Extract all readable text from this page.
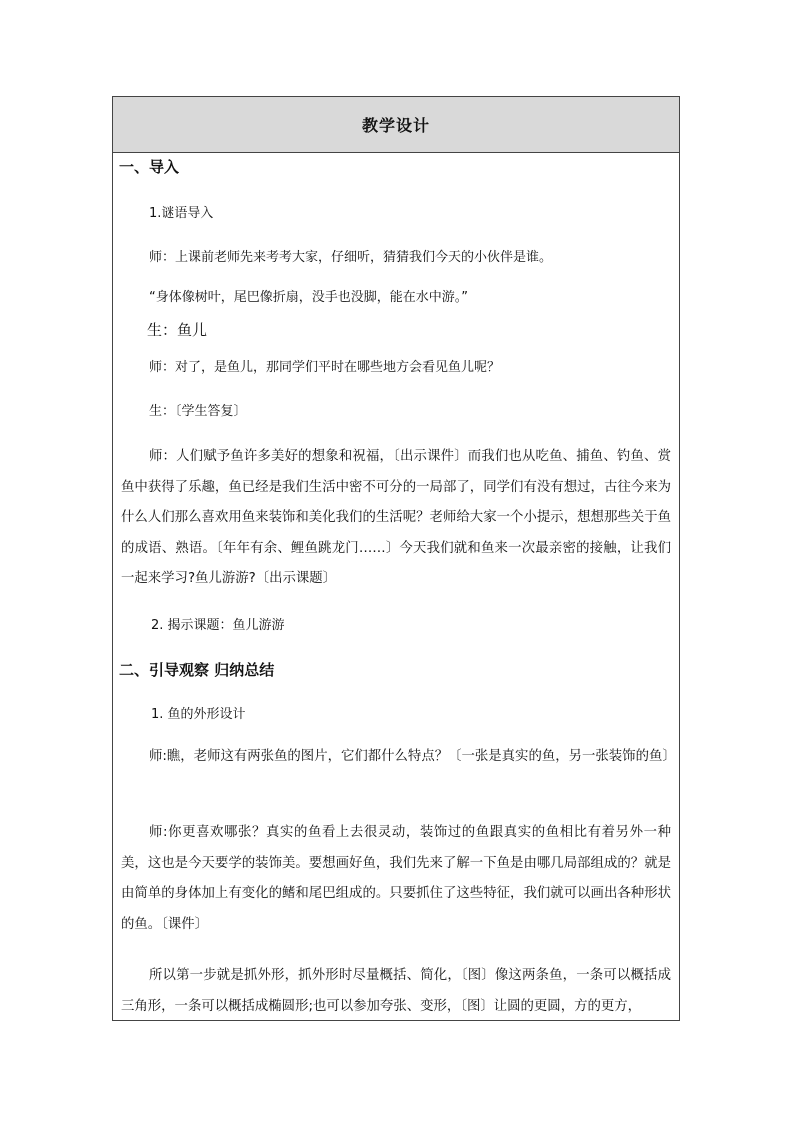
教学设计
一、导入
1.谜语导入
师：上课前老师先来考考大家，仔细听，猜猜我们今天的小伙伴是谁。
“身体像树叶，尾巴像折扇，没手也没脚，能在水中游。”
生：鱼儿
师：对了，是鱼儿，那同学们平时在哪些地方会看见鱼儿呢？
生：〔学生答复〕
师：人们赋予鱼许多美好的想象和祝福，〔出示课件〕而我们也从吃鱼、捕鱼、钓鱼、赏鱼中获得了乐趣，鱼已经是我们生活中密不可分的一局部了，同学们有没有想过，古往今来为什么人们那么喜欢用鱼来装饰和美化我们的生活呢？老师给大家一个小提示，想想那些关于鱼的成语、熟语。〔年年有余、鲤鱼跳龙门……〕今天我们就和鱼来一次最亲密的接触，让我们一起来学习?鱼儿游游?〔出示课题〕
2. 揭示课题：鱼儿游游
二、引导观察 归纳总结
1. 鱼的外形设计
师:瞧，老师这有两张鱼的图片，它们都什么特点？〔一张是真实的鱼，另一张装饰的鱼〕
师:你更喜欢哪张？真实的鱼看上去很灵动，装饰过的鱼跟真实的鱼相比有着另外一种美，这也是今天要学的装饰美。要想画好鱼，我们先来了解一下鱼是由哪几局部组成的？就是由简单的身体加上有变化的鳍和尾巴组成的。只要抓住了这些特征，我们就可以画出各种形状的鱼。〔课件〕
所以第一步就是抓外形，抓外形时尽量概括、简化，〔图〕像这两条鱼，一条可以概括成三角形，一条可以概括成椭圆形;也可以参加夸张、变形，〔图〕让圆的更圆，方的更方，
